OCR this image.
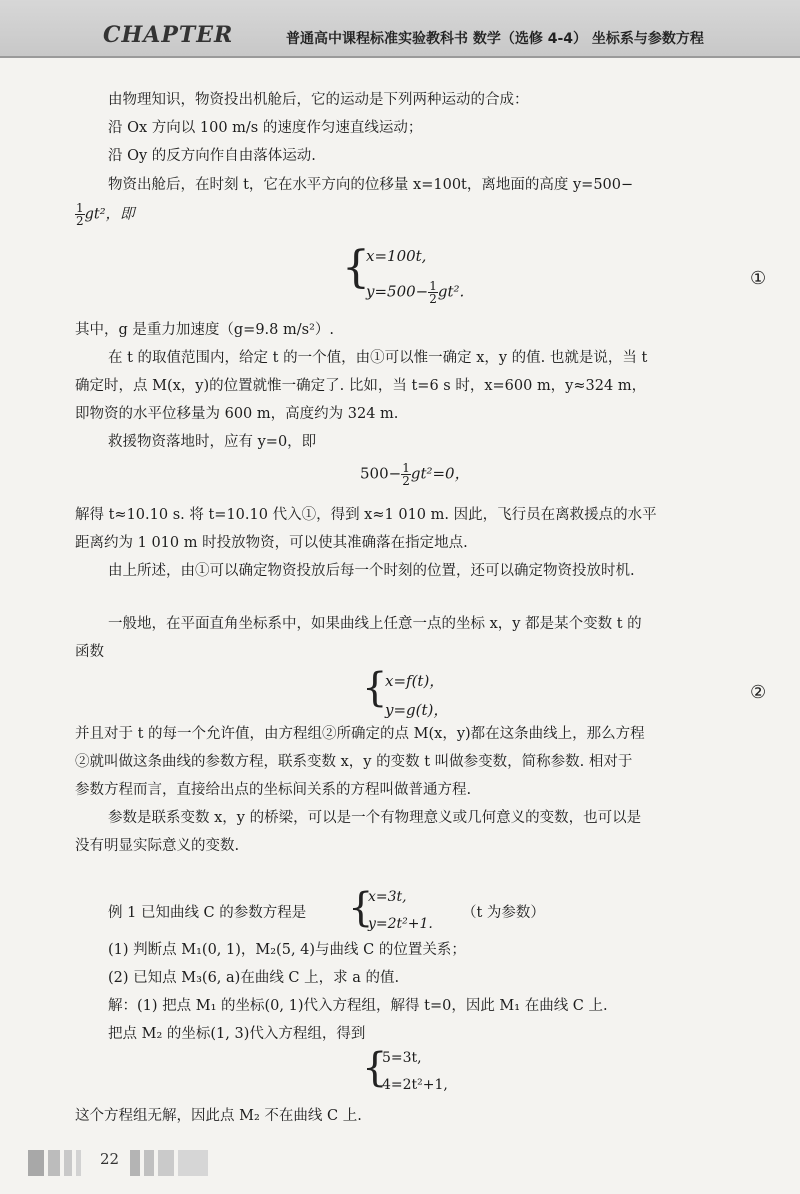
CHAPTER	普通高中课程标准实验教科书 数学（选修 4-4） 坐标系与参数方程
由物理知识，物资投出机舱后，它的运动是下列两种运动的合成：
沿 Ox 方向以 100 m/s 的速度作匀速直线运动；
沿 Oy 的反方向作自由落体运动.
物资出舱后，在时刻 t，它在水平方向的位移量 x=100t，离地面的高度 y=500−
$\frac{1}{2} gt^2$，即
{
x=100t,
$y=500- \frac{1}{2} gt^2$.
①
其中，g 是重力加速度（g=9.8 m/s²）.
在 t 的取值范围内，给定 t 的一个值，由①可以惟一确定 x，y 的值. 也就是说，当 t
确定时，点 M(x，y)的位置就惟一确定了. 比如，当 t=6 s 时，x=600 m，y≈324 m，
即物资的水平位移量为 600 m，高度约为 324 m.
救援物资落地时，应有 y=0，即
$500- \frac{1}{2} gt^2=0$，
解得 t≈10.10 s. 将 t=10.10 代入①，得到 x≈1 010 m. 因此，飞行员在离救援点的水平
距离约为 1 010 m 时投放物资，可以使其准确落在指定地点.
由上所述，由①可以确定物资投放后每一个时刻的位置，还可以确定物资投放时机.
一般地，在平面直角坐标系中，如果曲线上任意一点的坐标 x，y 都是某个变数 t 的
函数
{
x=f(t)，
y=g(t)，
②
并且对于 t 的每一个允许值，由方程组②所确定的点 M(x，y)都在这条曲线上，那么方程
②就叫做这条曲线的参数方程，联系变数 x，y 的变数 t 叫做参变数，简称参数. 相对于
参数方程而言，直接给出点的坐标间关系的方程叫做普通方程.
参数是联系变数 x，y 的桥梁，可以是一个有物理意义或几何意义的变数，也可以是
没有明显实际意义的变数.
例 1 已知曲线 C 的参数方程是 {
x=3t,
y=2t²+1.
（t 为参数）
(1) 判断点 M₁(0, 1)，M₂(5, 4)与曲线 C 的位置关系；
(2) 已知点 M₃(6, a)在曲线 C 上，求 a 的值.
解：(1) 把点 M₁ 的坐标(0, 1)代入方程组，解得 t=0，因此 M₁ 在曲线 C 上.
把点 M₂ 的坐标(1, 3)代入方程组，得到
{
5=3t,
4=2t²+1,
这个方程组无解，因此点 M₂ 不在曲线 C 上.
22
